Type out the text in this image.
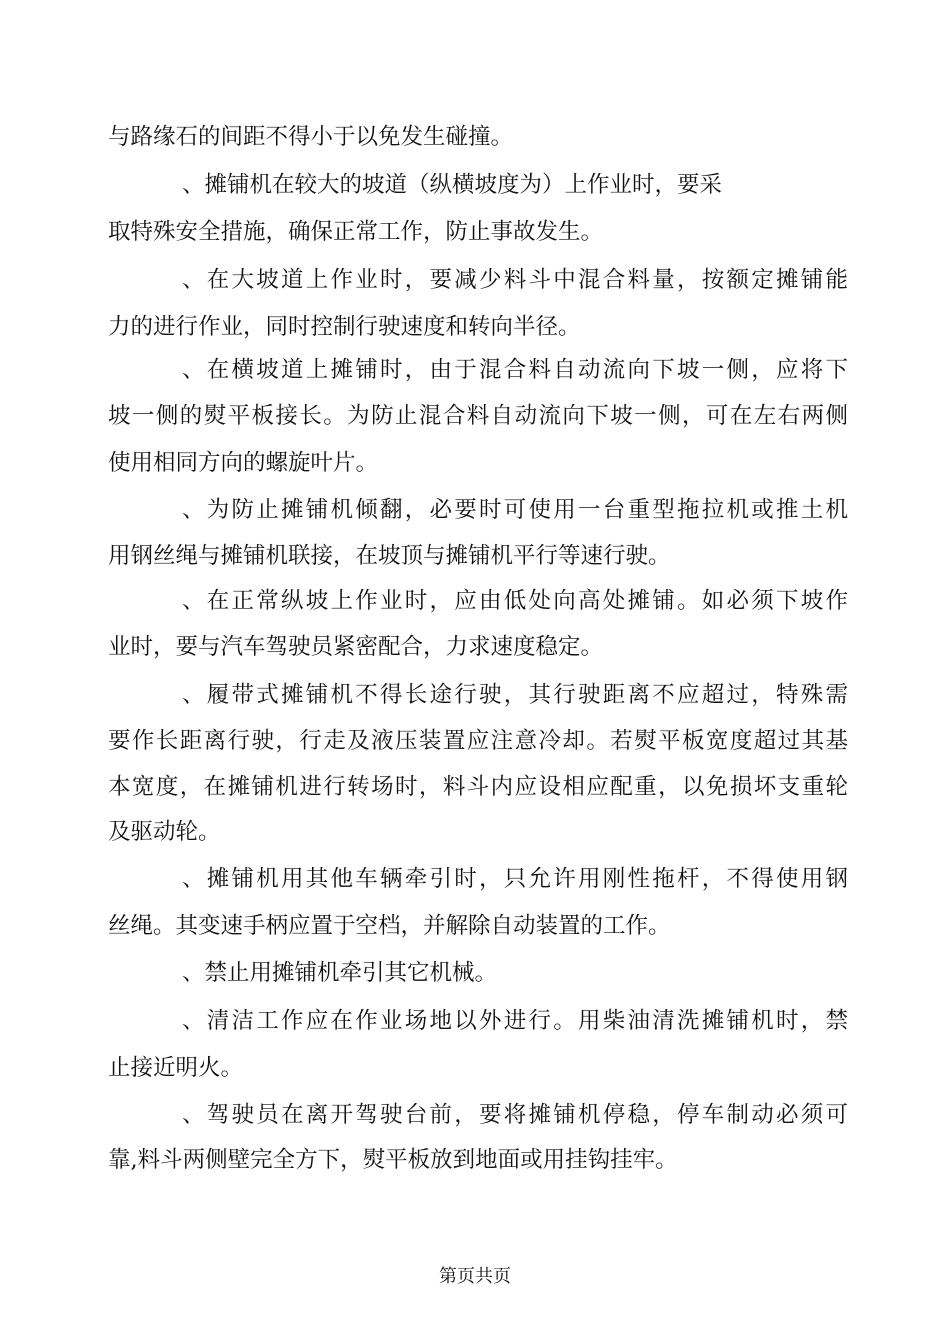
与路缘石的间距不得小于以免发生碰撞。
、摊铺机在较大的坡道（纵横坡度为）上作业时，要采
取特殊安全措施，确保正常工作，防止事故发生。
、在大坡道上作业时，要减少料斗中混合料量，按额定摊铺能
力的进行作业，同时控制行驶速度和转向半径。
、在横坡道上摊铺时，由于混合料自动流向下坡一侧，应将下
坡一侧的熨平板接长。为防止混合料自动流向下坡一侧，可在左右两侧
使用相同方向的螺旋叶片。
、为防止摊铺机倾翻，必要时可使用一台重型拖拉机或推土机
用钢丝绳与摊铺机联接，在坡顶与摊铺机平行等速行驶。
、在正常纵坡上作业时，应由低处向高处摊铺。如必须下坡作
业时，要与汽车驾驶员紧密配合，力求速度稳定。
、履带式摊铺机不得长途行驶，其行驶距离不应超过，特殊需
要作长距离行驶，行走及液压装置应注意冷却。若熨平板宽度超过其基
本宽度，在摊铺机进行转场时，料斗内应设相应配重，以免损坏支重轮
及驱动轮。
、摊铺机用其他车辆牵引时，只允许用刚性拖杆，不得使用钢
丝绳。其变速手柄应置于空档，并解除自动装置的工作。
、禁止用摊铺机牵引其它机械。
、清洁工作应在作业场地以外进行。用柴油清洗摊铺机时，禁
止接近明火。
、驾驶员在离开驾驶台前，要将摊铺机停稳，停车制动必须可
靠,料斗两侧壁完全方下，熨平板放到地面或用挂钩挂牢。
第页共页
